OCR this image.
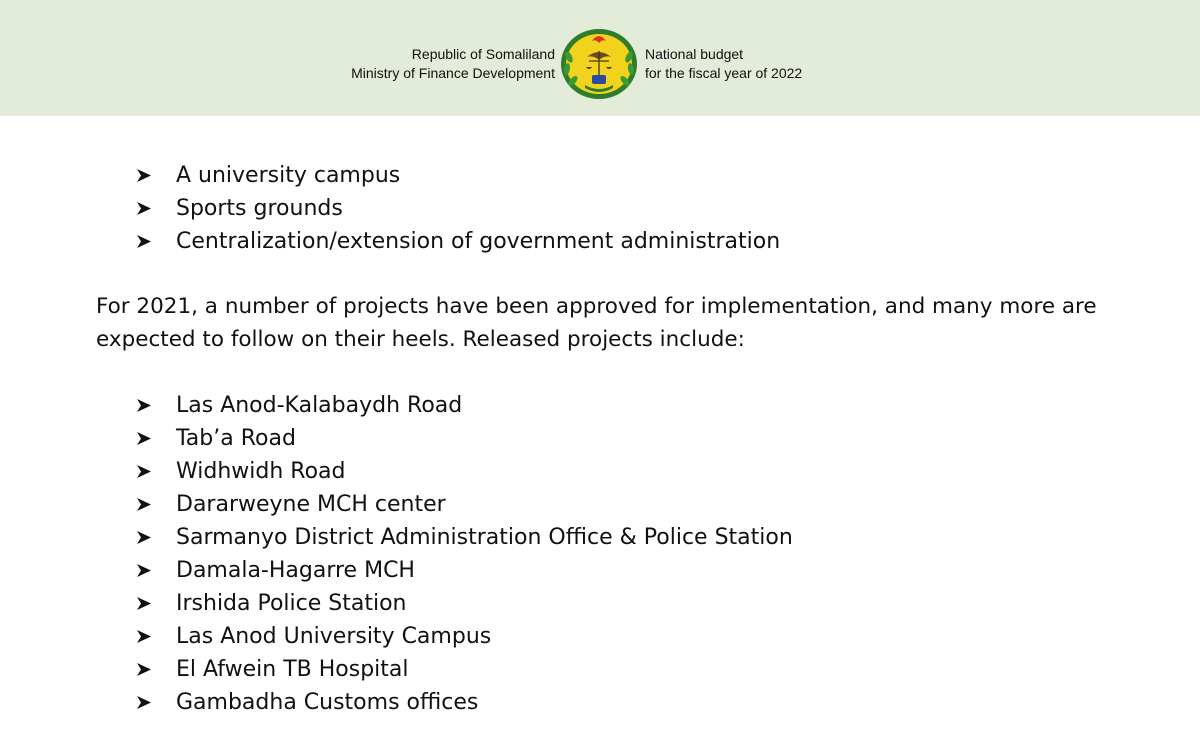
Republic of Somaliland
Ministry of Finance Development
National budget
for the fiscal year of 2022
A university campus
Sports grounds
Centralization/extension of government administration

For 2021, a number of projects have been approved for implementation, and many more are
expected to follow on their heels. Released projects include:

Las Anod-Kalabaydh Road
Tab’a Road
Widhwidh Road
Dararweyne MCH center
Sarmanyo District Administration Office & Police Station
Damala-Hagarre MCH
Irshida Police Station
Las Anod University Campus
El Afwein TB Hospital
Gambadha Customs offices
